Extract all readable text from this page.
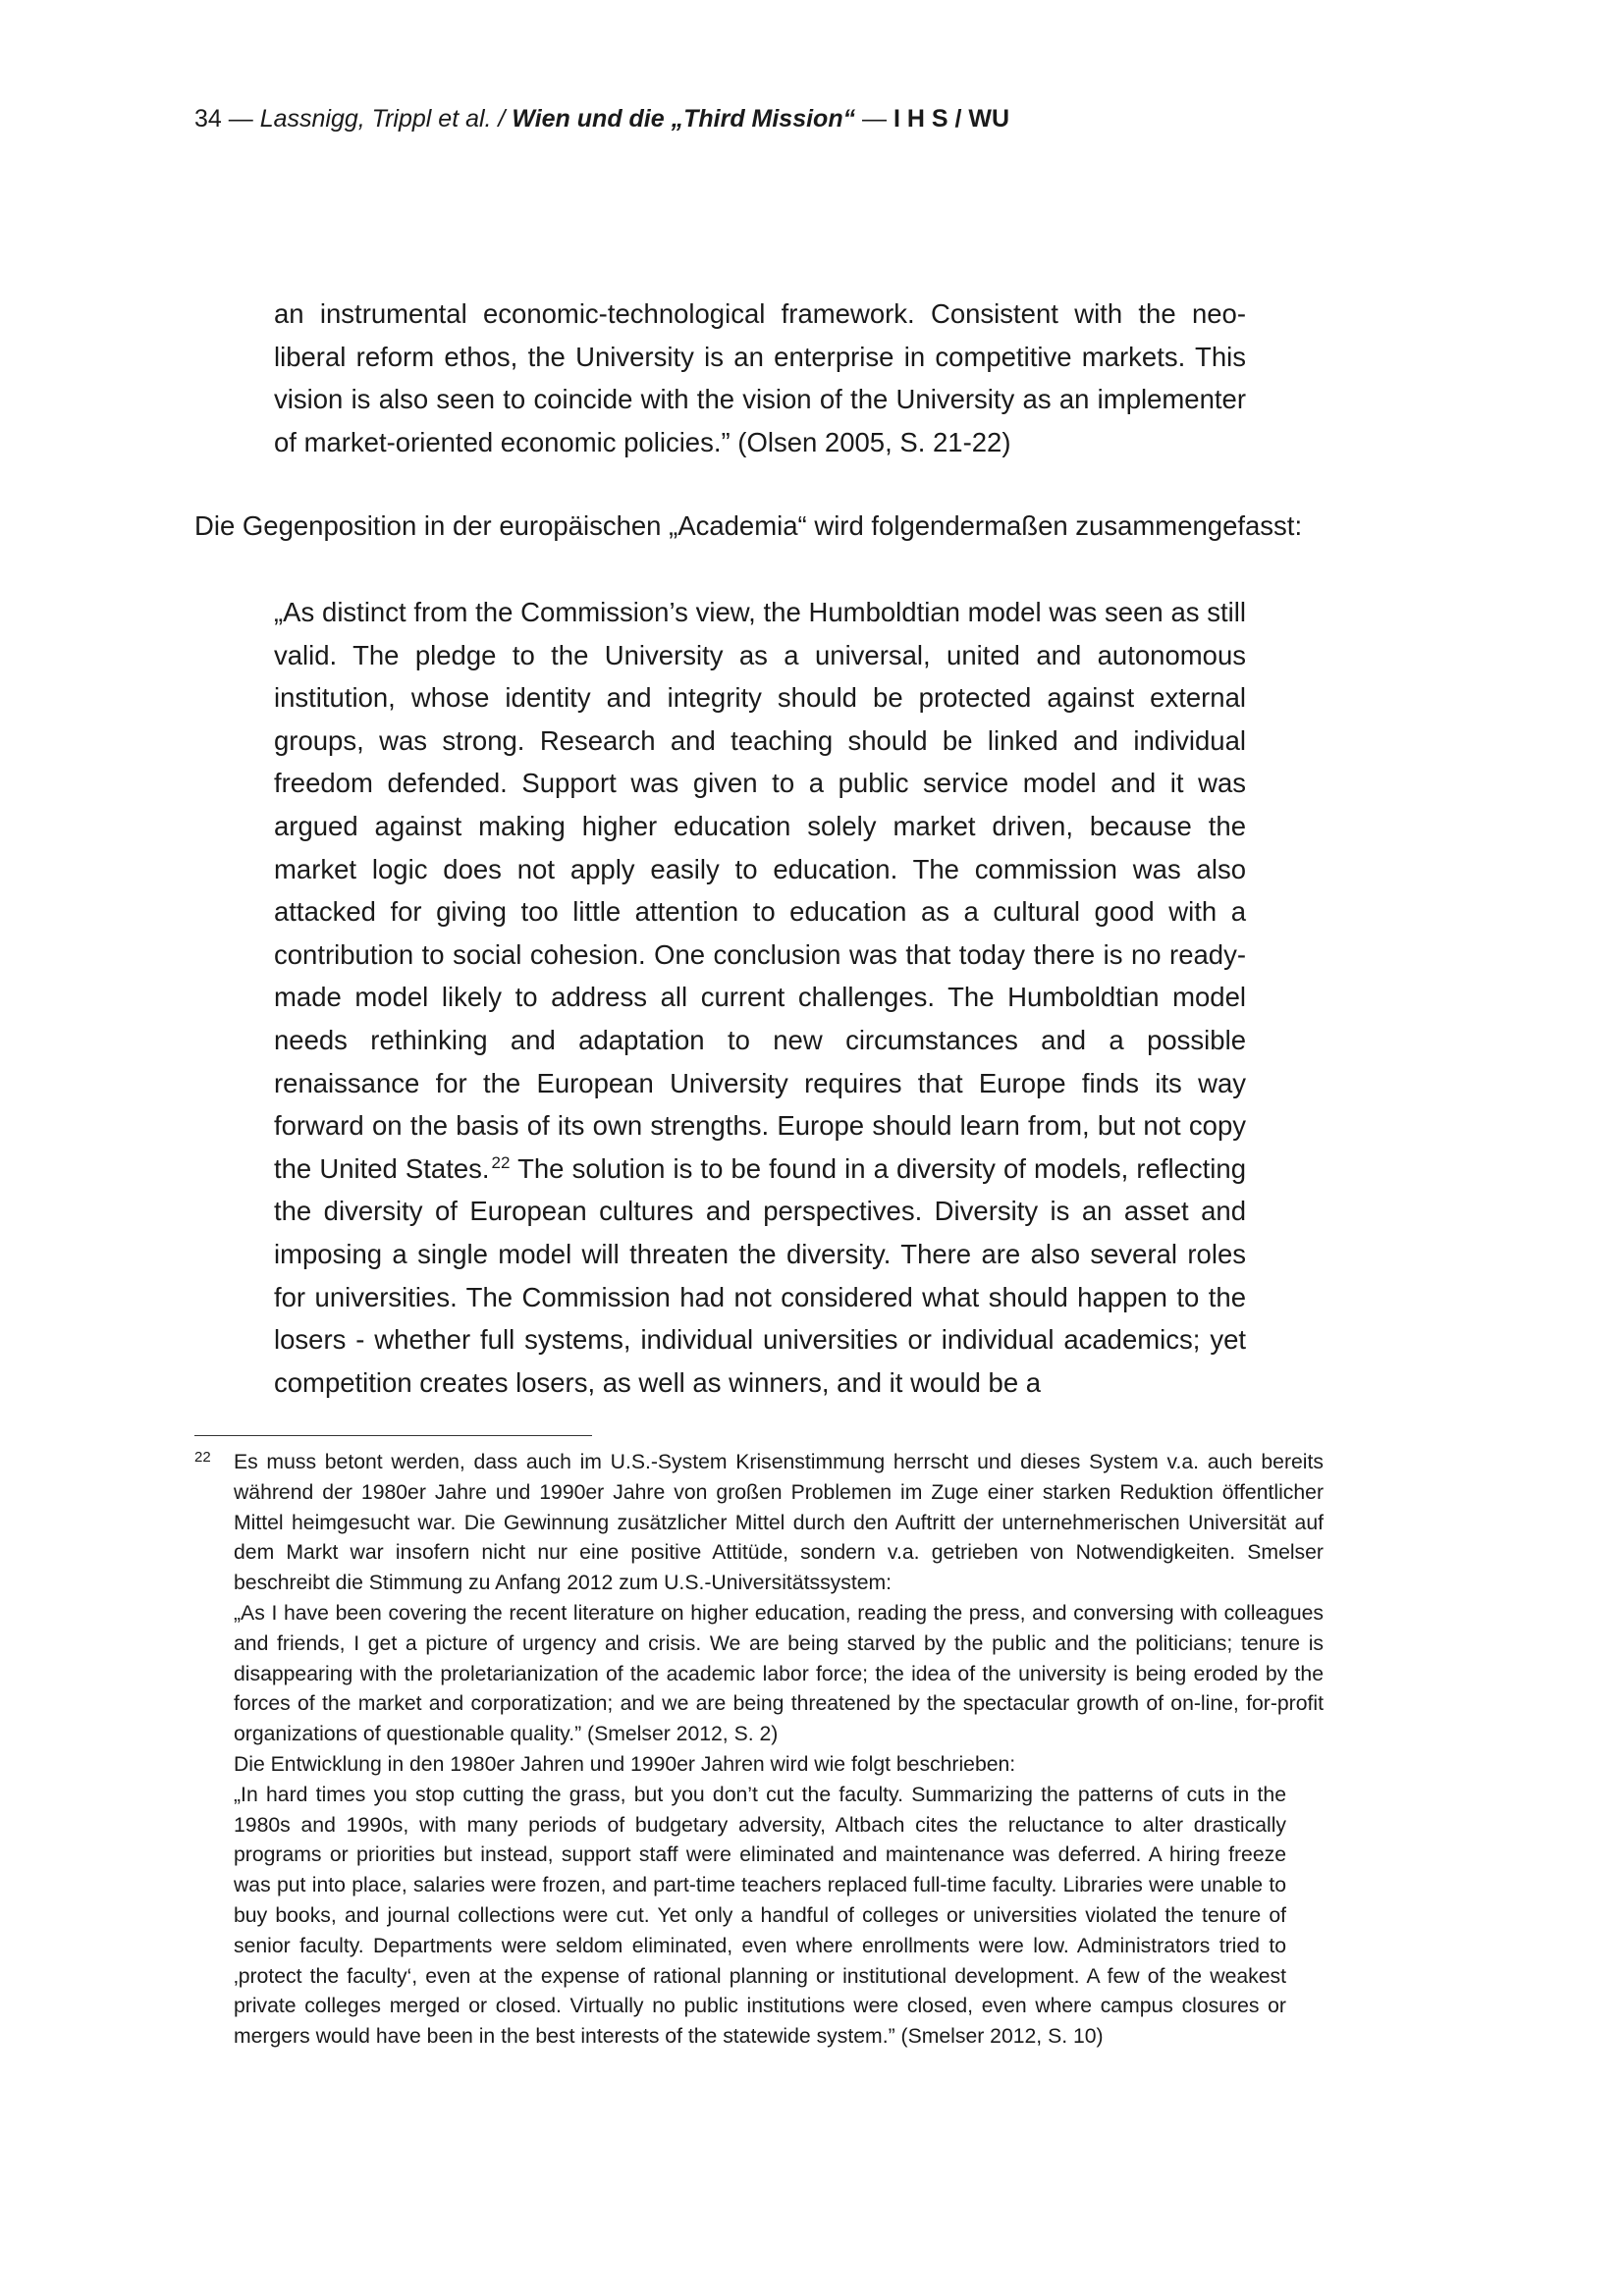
34 — Lassnigg, Trippl et al. / Wien und die „Third Mission“ — I H S / WU

an instrumental economic-technological framework. Consistent with the neo-liberal reform ethos, the University is an enterprise in competitive markets. This vision is also seen to coincide with the vision of the University as an implementer of market-oriented economic policies.” (Olsen 2005, S. 21-22)

Die Gegenposition in der europäischen „Academia“ wird folgendermaßen zusammengefasst:

„As distinct from the Commission’s view, the Humboldtian model was seen as still valid. The pledge to the University as a universal, united and autonomous institution, whose identity and integrity should be protected against external groups, was strong. Research and teaching should be linked and individual freedom defended. Support was given to a public service model and it was argued against making higher education solely market driven, because the market logic does not apply easily to education. The commission was also attacked for giving too little attention to education as a cultural good with a contribution to social cohesion. One conclusion was that today there is no ready-made model likely to address all current challenges. The Humboldtian model needs rethinking and adaptation to new circumstances and a possible renaissance for the European University requires that Europe finds its way forward on the basis of its own strengths. Europe should learn from, but not copy the United States. $^{22}$ The solution is to be found in a diversity of models, reflecting the diversity of European cultures and perspectives. Diversity is an asset and imposing a single model will threaten the diversity. There are also several roles for universities. The Commission had not considered what should happen to the losers - whether full systems, individual universities or individual academics; yet competition creates losers, as well as winners, and it would be a

22 Es muss betont werden, dass auch im U.S.-System Krisenstimmung herrscht und dieses System v.a. auch bereits während der 1980er Jahre und 1990er Jahre von großen Problemen im Zuge einer starken Reduktion öffentlicher Mittel heimgesucht war. Die Gewinnung zusätzlicher Mittel durch den Auftritt der unternehmerischen Universität auf dem Markt war insofern nicht nur eine positive Attitüde, sondern v.a. getrieben von Notwendigkeiten. Smelser beschreibt die Stimmung zu Anfang 2012 zum U.S.-Universitätssystem:

„As I have been covering the recent literature on higher education, reading the press, and conversing with colleagues and friends, I get a picture of urgency and crisis. We are being starved by the public and the politicians; tenure is disappearing with the proletarianization of the academic labor force; the idea of the university is being eroded by the forces of the market and corporatization; and we are being threatened by the spectacular growth of on-line, for-profit organizations of questionable quality.” (Smelser 2012, S. 2)

Die Entwicklung in den 1980er Jahren und 1990er Jahren wird wie folgt beschrieben:

„In hard times you stop cutting the grass, but you don’t cut the faculty. Summarizing the patterns of cuts in the 1980s and 1990s, with many periods of budgetary adversity, Altbach cites the reluctance to alter drastically programs or priorities but instead, support staff were eliminated and maintenance was deferred. A hiring freeze was put into place, salaries were frozen, and part-time teachers replaced full-time faculty. Libraries were unable to buy books, and journal collections were cut. Yet only a handful of colleges or universities violated the tenure of senior faculty. Departments were seldom eliminated, even where enrollments were low. Administrators tried to ‚protect the faculty‘, even at the expense of rational planning or institutional development. A few of the weakest private colleges merged or closed. Virtually no public institutions were closed, even where campus closures or mergers would have been in the best interests of the statewide system.” (Smelser 2012, S. 10)
